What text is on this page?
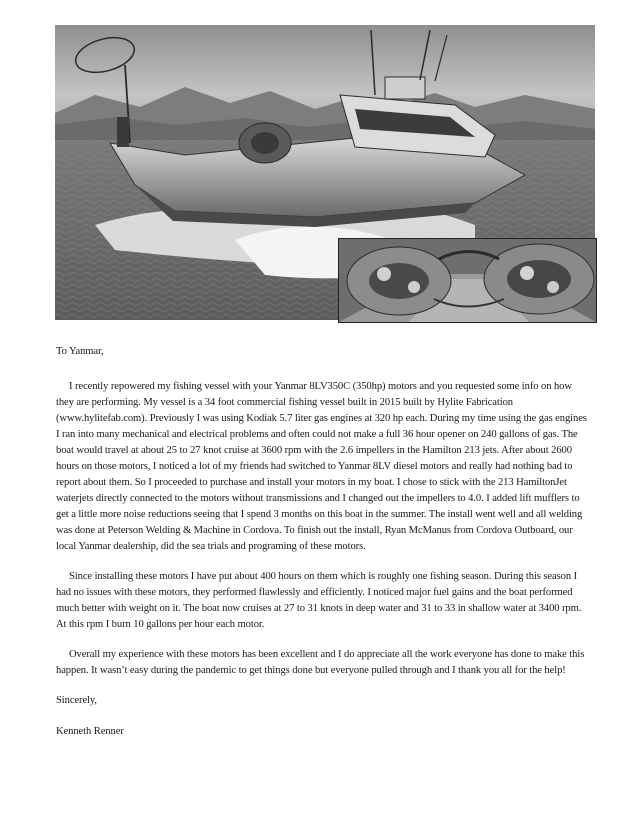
To Yanmar,

I recently repowered my fishing vessel with your Yanmar 8LV350C (350hp) motors and you requested some info on how they are performing. My vessel is a 34 foot commercial fishing vessel built in 2015 built by Hylite Fabrication (www.hylitefab.com). Previously I was using Kodiak 5.7 liter gas engines at 320 hp each. During my time using the gas engines I ran into many mechanical and electrical problems and often could not make a full 36 hour opener on 240 gallons of gas. The boat would travel at about 25 to 27 knot cruise at 3600 rpm with the 2.6 impellers in the Hamilton 213 jets. After about 2600 hours on those motors, I noticed a lot of my friends had switched to Yanmar 8LV diesel motors and really had nothing bad to report about them. So I proceeded to purchase and install your motors in my boat. I chose to stick with the 213 HamiltonJet waterjets directly connected to the motors without transmissions and I changed out the impellers to 4.0. I added lift mufflers to get a little more noise reductions seeing that I spend 3 months on this boat in the summer. The install went well and all welding was done at Peterson Welding & Machine in Cordova. To finish out the install, Ryan McManus from Cordova Outboard, our local Yanmar dealership, did the sea trials and programing of these motors.

Since installing these motors I have put about 400 hours on them which is roughly one fishing season. During this season I had no issues with these motors, they performed flawlessly and efficiently. I noticed major fuel gains and the boat performed much better with weight on it. The boat now cruises at 27 to 31 knots in deep water and 31 to 33 in shallow water at 3400 rpm. At this rpm I burn 10 gallons per hour each motor.

Overall my experience with these motors has been excellent and I do appreciate all the work everyone has done to make this happen. It wasn’t easy during the pandemic to get things done but everyone pulled through and I thank you all for the help!

Sincerely,

Kenneth Renner
